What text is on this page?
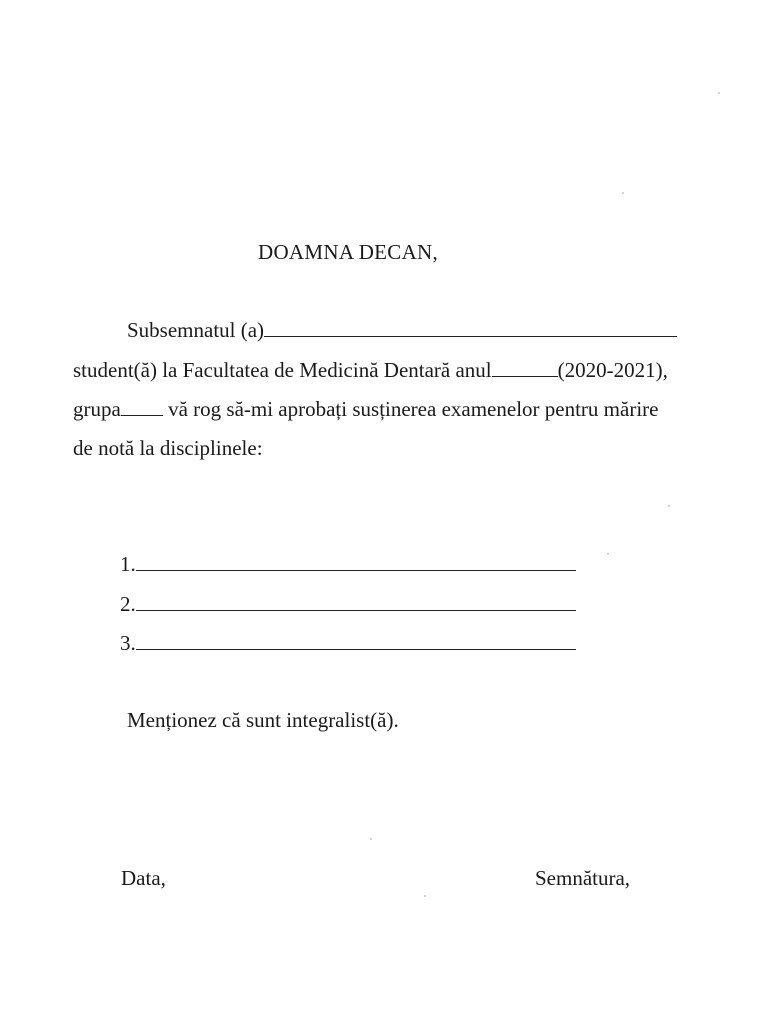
DOAMNA DECAN,
Subsemnatul (a)
student(ă) la Facultatea de Medicină Dentară anul	(2020-2021),
grupa vă rog să-mi aprobați susținerea examenelor pentru mărire
de notă la disciplinele:
1.
2.
3.
Menționez că sunt integralist(ă).
Data,	Semnătura,
